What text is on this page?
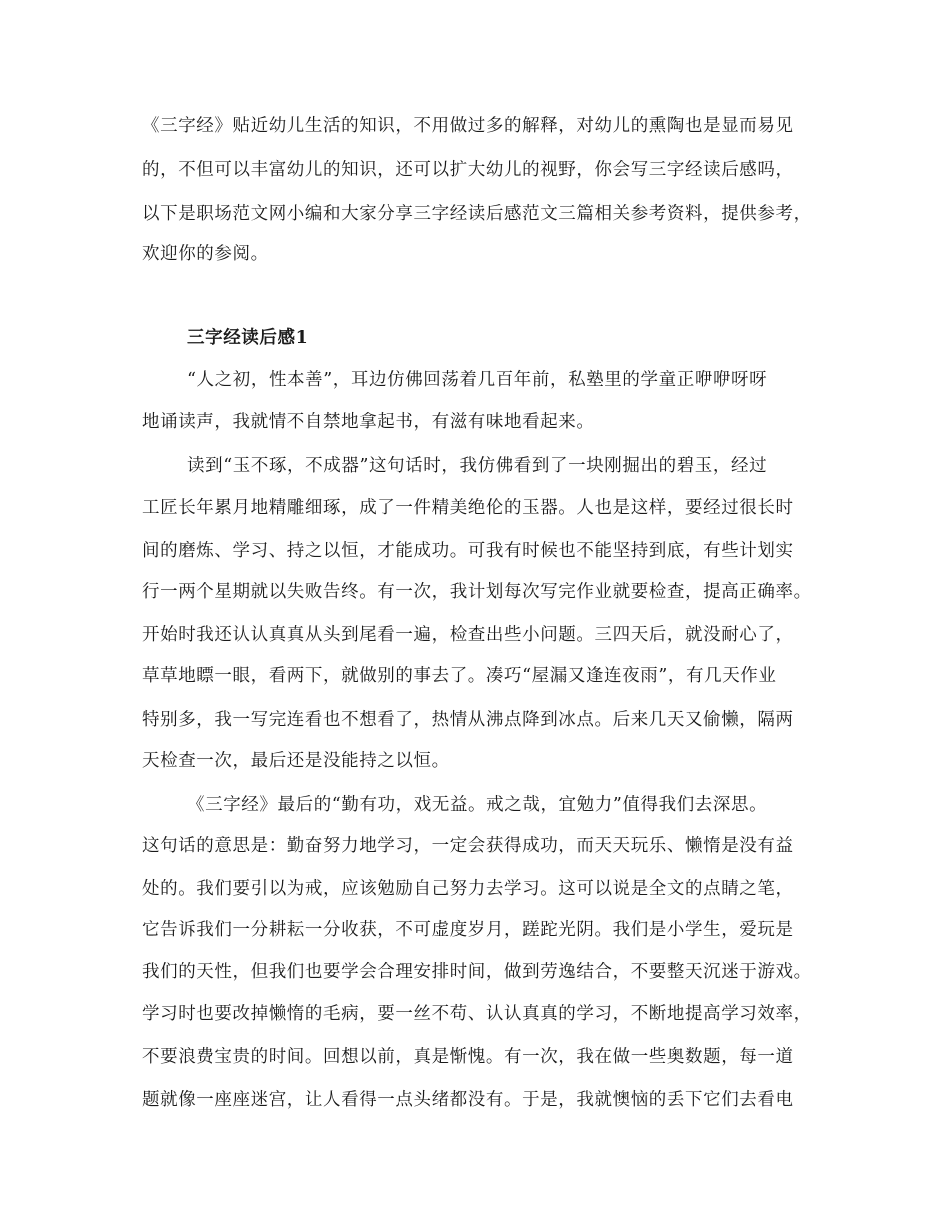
《三字经》贴近幼儿生活的知识，不用做过多的解释，对幼儿的熏陶也是显而易见
的，不但可以丰富幼儿的知识，还可以扩大幼儿的视野，你会写三字经读后感吗，
以下是职场范文网小编和大家分享三字经读后感范文三篇相关参考资料，提供参考，
欢迎你的参阅。
三字经读后感1
“人之初，性本善”，耳边仿佛回荡着几百年前，私塾里的学童正咿咿呀呀
地诵读声，我就情不自禁地拿起书，有滋有味地看起来。
读到“玉不琢，不成器”这句话时，我仿佛看到了一块刚掘出的碧玉，经过
工匠长年累月地精雕细琢，成了一件精美绝伦的玉器。人也是这样，要经过很长时
间的磨炼、学习、持之以恒，才能成功。可我有时候也不能坚持到底，有些计划实
行一两个星期就以失败告终。有一次，我计划每次写完作业就要检查，提高正确率。
开始时我还认认真真从头到尾看一遍，检查出些小问题。三四天后，就没耐心了，
草草地瞟一眼，看两下，就做别的事去了。凑巧“屋漏又逢连夜雨”，有几天作业
特别多，我一写完连看也不想看了，热情从沸点降到冰点。后来几天又偷懒，隔两
天检查一次，最后还是没能持之以恒。
《三字经》最后的“勤有功，戏无益。戒之哉，宜勉力”值得我们去深思。
这句话的意思是：勤奋努力地学习，一定会获得成功，而天天玩乐、懒惰是没有益
处的。我们要引以为戒，应该勉励自己努力去学习。这可以说是全文的点睛之笔，
它告诉我们一分耕耘一分收获，不可虚度岁月，蹉跎光阴。我们是小学生，爱玩是
我们的天性，但我们也要学会合理安排时间，做到劳逸结合，不要整天沉迷于游戏。
学习时也要改掉懒惰的毛病，要一丝不苟、认认真真的学习，不断地提高学习效率，
不要浪费宝贵的时间。回想以前，真是惭愧。有一次，我在做一些奥数题，每一道
题就像一座座迷宫，让人看得一点头绪都没有。于是，我就懊恼的丢下它们去看电
